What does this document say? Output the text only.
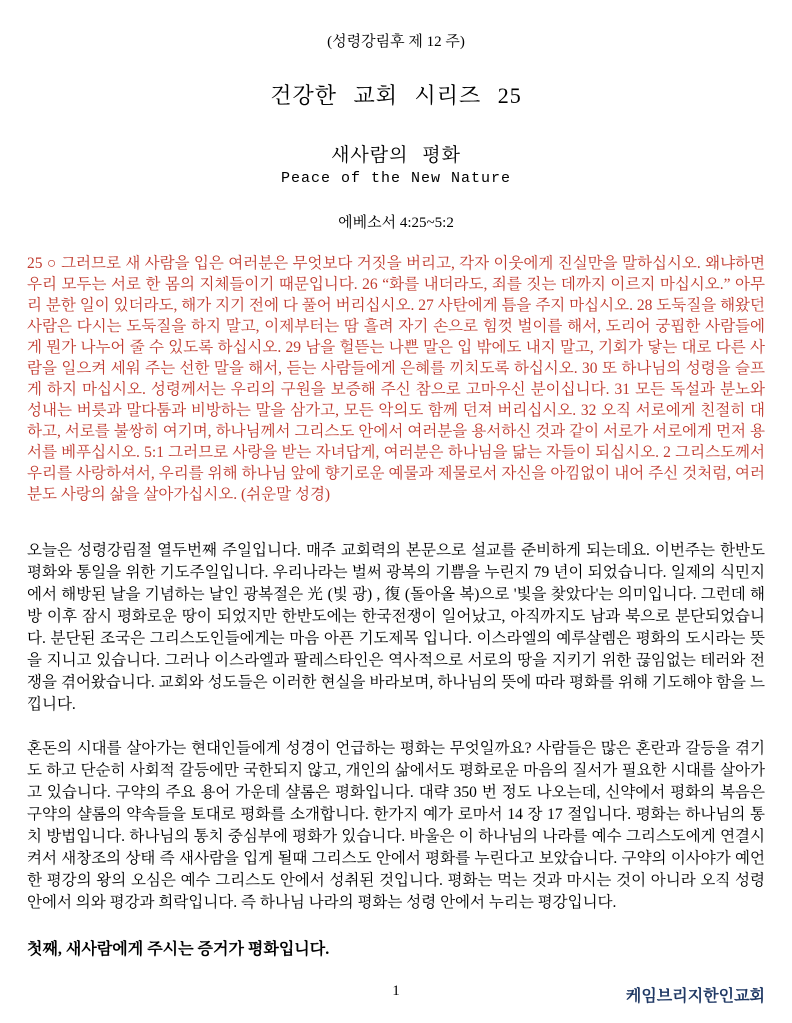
(성령강림후 제 12 주)
건강한 교회 시리즈 25
새사람의 평화
Peace of the New Nature
에베소서 4:25~5:2

25 ○ 그러므로 새 사람을 입은 여러분은 무엇보다 거짓을 버리고, 각자 이웃에게 진실만을 말하십시오. 왜냐하면 우리 모두는 서로 한 몸의 지체들이기 때문입니다. 26 “화를 내더라도, 죄를 짓는 데까지 이르지 마십시오.” 아무리 분한 일이 있더라도, 해가 지기 전에 다 풀어 버리십시오. 27 사탄에게 틈을 주지 마십시오. 28 도둑질을 해왔던 사람은 다시는 도둑질을 하지 말고, 이제부터는 땀 흘려 자기 손으로 힘껏 벌이를 해서, 도리어 궁핍한 사람들에게 뭔가 나누어 줄 수 있도록 하십시오. 29 남을 헐뜯는 나쁜 말은 입 밖에도 내지 말고, 기회가 닿는 대로 다른 사람을 일으켜 세워 주는 선한 말을 해서, 듣는 사람들에게 은혜를 끼치도록 하십시오. 30 또 하나님의 성령을 슬프게 하지 마십시오. 성령께서는 우리의 구원을 보증해 주신 참으로 고마우신 분이십니다. 31 모든 독설과 분노와 성내는 버릇과 말다툼과 비방하는 말을 삼가고, 모든 악의도 함께 던져 버리십시오. 32 오직 서로에게 친절히 대하고, 서로를 불쌍히 여기며, 하나님께서 그리스도 안에서 여러분을 용서하신 것과 같이 서로가 서로에게 먼저 용서를 베푸십시오. 5:1 그러므로 사랑을 받는 자녀답게, 여러분은 하나님을 닮는 자들이 되십시오. 2 그리스도께서 우리를 사랑하셔서, 우리를 위해 하나님 앞에 향기로운 예물과 제물로서 자신을 아낌없이 내어 주신 것처럼, 여러분도 사랑의 삶을 살아가십시오. (쉬운말 성경)

오늘은 성령강림절 열두번째 주일입니다. 매주 교회력의 본문으로 설교를 준비하게 되는데요. 이번주는 한반도 평화와 통일을 위한 기도주일입니다. 우리나라는 벌써 광복의 기쁨을 누린지 79 년이 되었습니다. 일제의 식민지에서 해방된 날을 기념하는 날인 광복절은 光 (빛 광) , 復 (돌아올 복)으로 '빛을 찾았다'는 의미입니다. 그런데 해방 이후 잠시 평화로운 땅이 되었지만 한반도에는 한국전쟁이 일어났고, 아직까지도 남과 북으로 분단되었습니다. 분단된 조국은 그리스도인들에게는 마음 아픈 기도제목 입니다. 이스라엘의 예루살렘은 평화의 도시라는 뜻을 지니고 있습니다. 그러나 이스라엘과 팔레스타인은 역사적으로 서로의 땅을 지키기 위한 끊임없는 테러와 전쟁을 겪어왔습니다. 교회와 성도들은 이러한 현실을 바라보며, 하나님의 뜻에 따라 평화를 위해 기도해야 함을 느낍니다.

혼돈의 시대를 살아가는 현대인들에게 성경이 언급하는 평화는 무엇일까요? 사람들은 많은 혼란과 갈등을 겪기도 하고 단순히 사회적 갈등에만 국한되지 않고, 개인의 삶에서도 평화로운 마음의 질서가 필요한 시대를 살아가고 있습니다. 구약의 주요 용어 가운데 샬롬은 평화입니다. 대략 350 번 정도 나오는데, 신약에서 평화의 복음은 구약의 샬롬의 약속들을 토대로 평화를 소개합니다. 한가지 예가 로마서 14 장 17 절입니다. 평화는 하나님의 통치 방법입니다. 하나님의 통치 중심부에 평화가 있습니다. 바울은 이 하나님의 나라를 예수 그리스도에게 연결시켜서 새창조의 상태 즉 새사람을 입게 될때 그리스도 안에서 평화를 누린다고 보았습니다. 구약의 이사야가 예언한 평강의 왕의 오심은 예수 그리스도 안에서 성취된 것입니다. 평화는 먹는 것과 마시는 것이 아니라 오직 성령 안에서 의와 평강과 희락입니다. 즉 하나님 나라의 평화는 성령 안에서 누리는 평강입니다.

첫째, 새사람에게 주시는 증거가 평화입니다.

1	케임브리지한인교회
